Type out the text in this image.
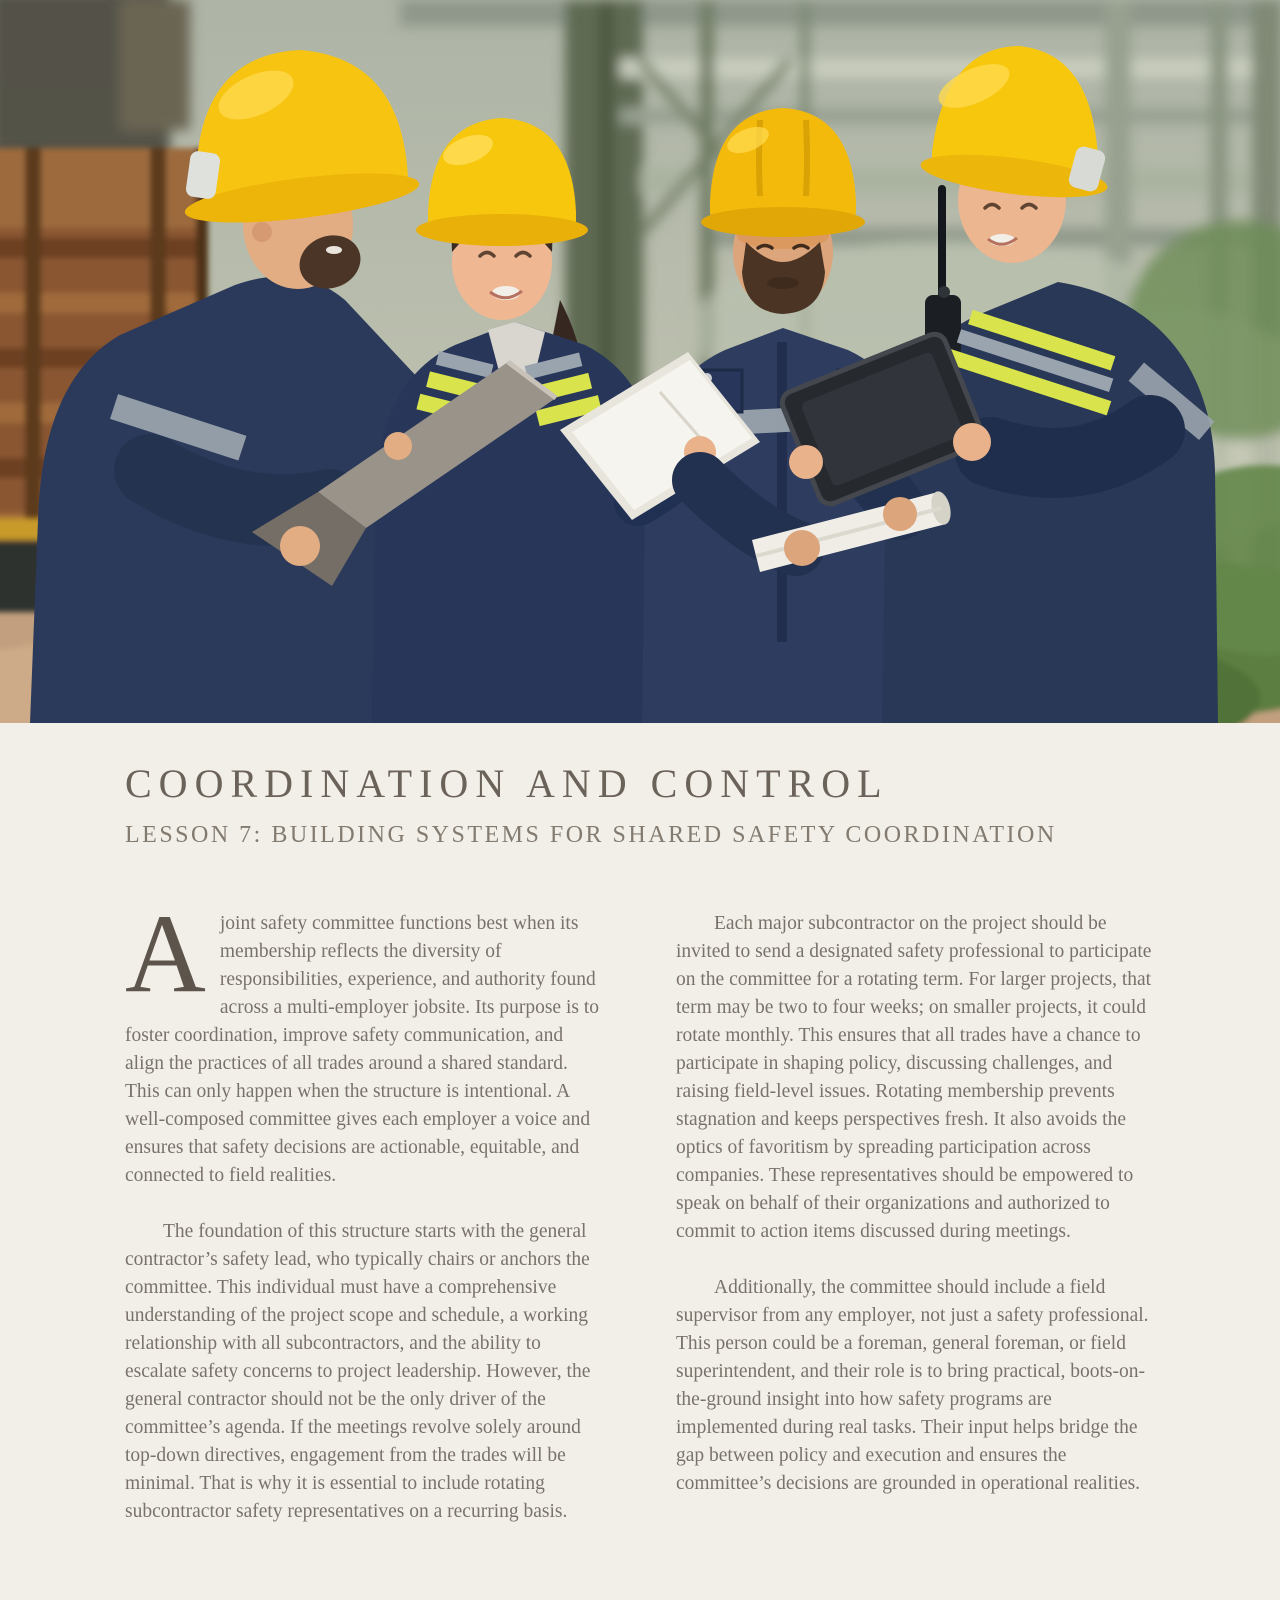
COORDINATION AND CONTROL
LESSON 7: BUILDING SYSTEMS FOR SHARED SAFETY COORDINATION

Ajoint safety committee functions best when its membership reflects the diversity of responsibilities, experience, and authority found across a multi-employer jobsite. Its purpose is to foster coordination, improve safety communication, and align the practices of all trades around a shared standard. This can only happen when the structure is intentional. A well-composed committee gives each employer a voice and ensures that safety decisions are actionable, equitable, and connected to field realities.

The foundation of this structure starts with the general contractor’s safety lead, who typically chairs or anchors the committee. This individual must have a comprehensive understanding of the project scope and schedule, a working relationship with all subcontractors, and the ability to escalate safety concerns to project leadership. However, the general contractor should not be the only driver of the committee’s agenda. If the meetings revolve solely around top-down directives, engagement from the trades will be minimal. That is why it is essential to include rotating subcontractor safety representatives on a recurring basis.

Each major subcontractor on the project should be invited to send a designated safety professional to participate on the committee for a rotating term. For larger projects, that term may be two to four weeks; on smaller projects, it could rotate monthly. This ensures that all trades have a chance to participate in shaping policy, discussing challenges, and raising field-level issues. Rotating membership prevents stagnation and keeps perspectives fresh. It also avoids the optics of favoritism by spreading participation across companies. These representatives should be empowered to speak on behalf of their organizations and authorized to commit to action items discussed during meetings.

Additionally, the committee should include a field supervisor from any employer, not just a safety professional. This person could be a foreman, general foreman, or field superintendent, and their role is to bring practical, boots-on-the-ground insight into how safety programs are implemented during real tasks. Their input helps bridge the gap between policy and execution and ensures the committee’s decisions are grounded in operational realities.
